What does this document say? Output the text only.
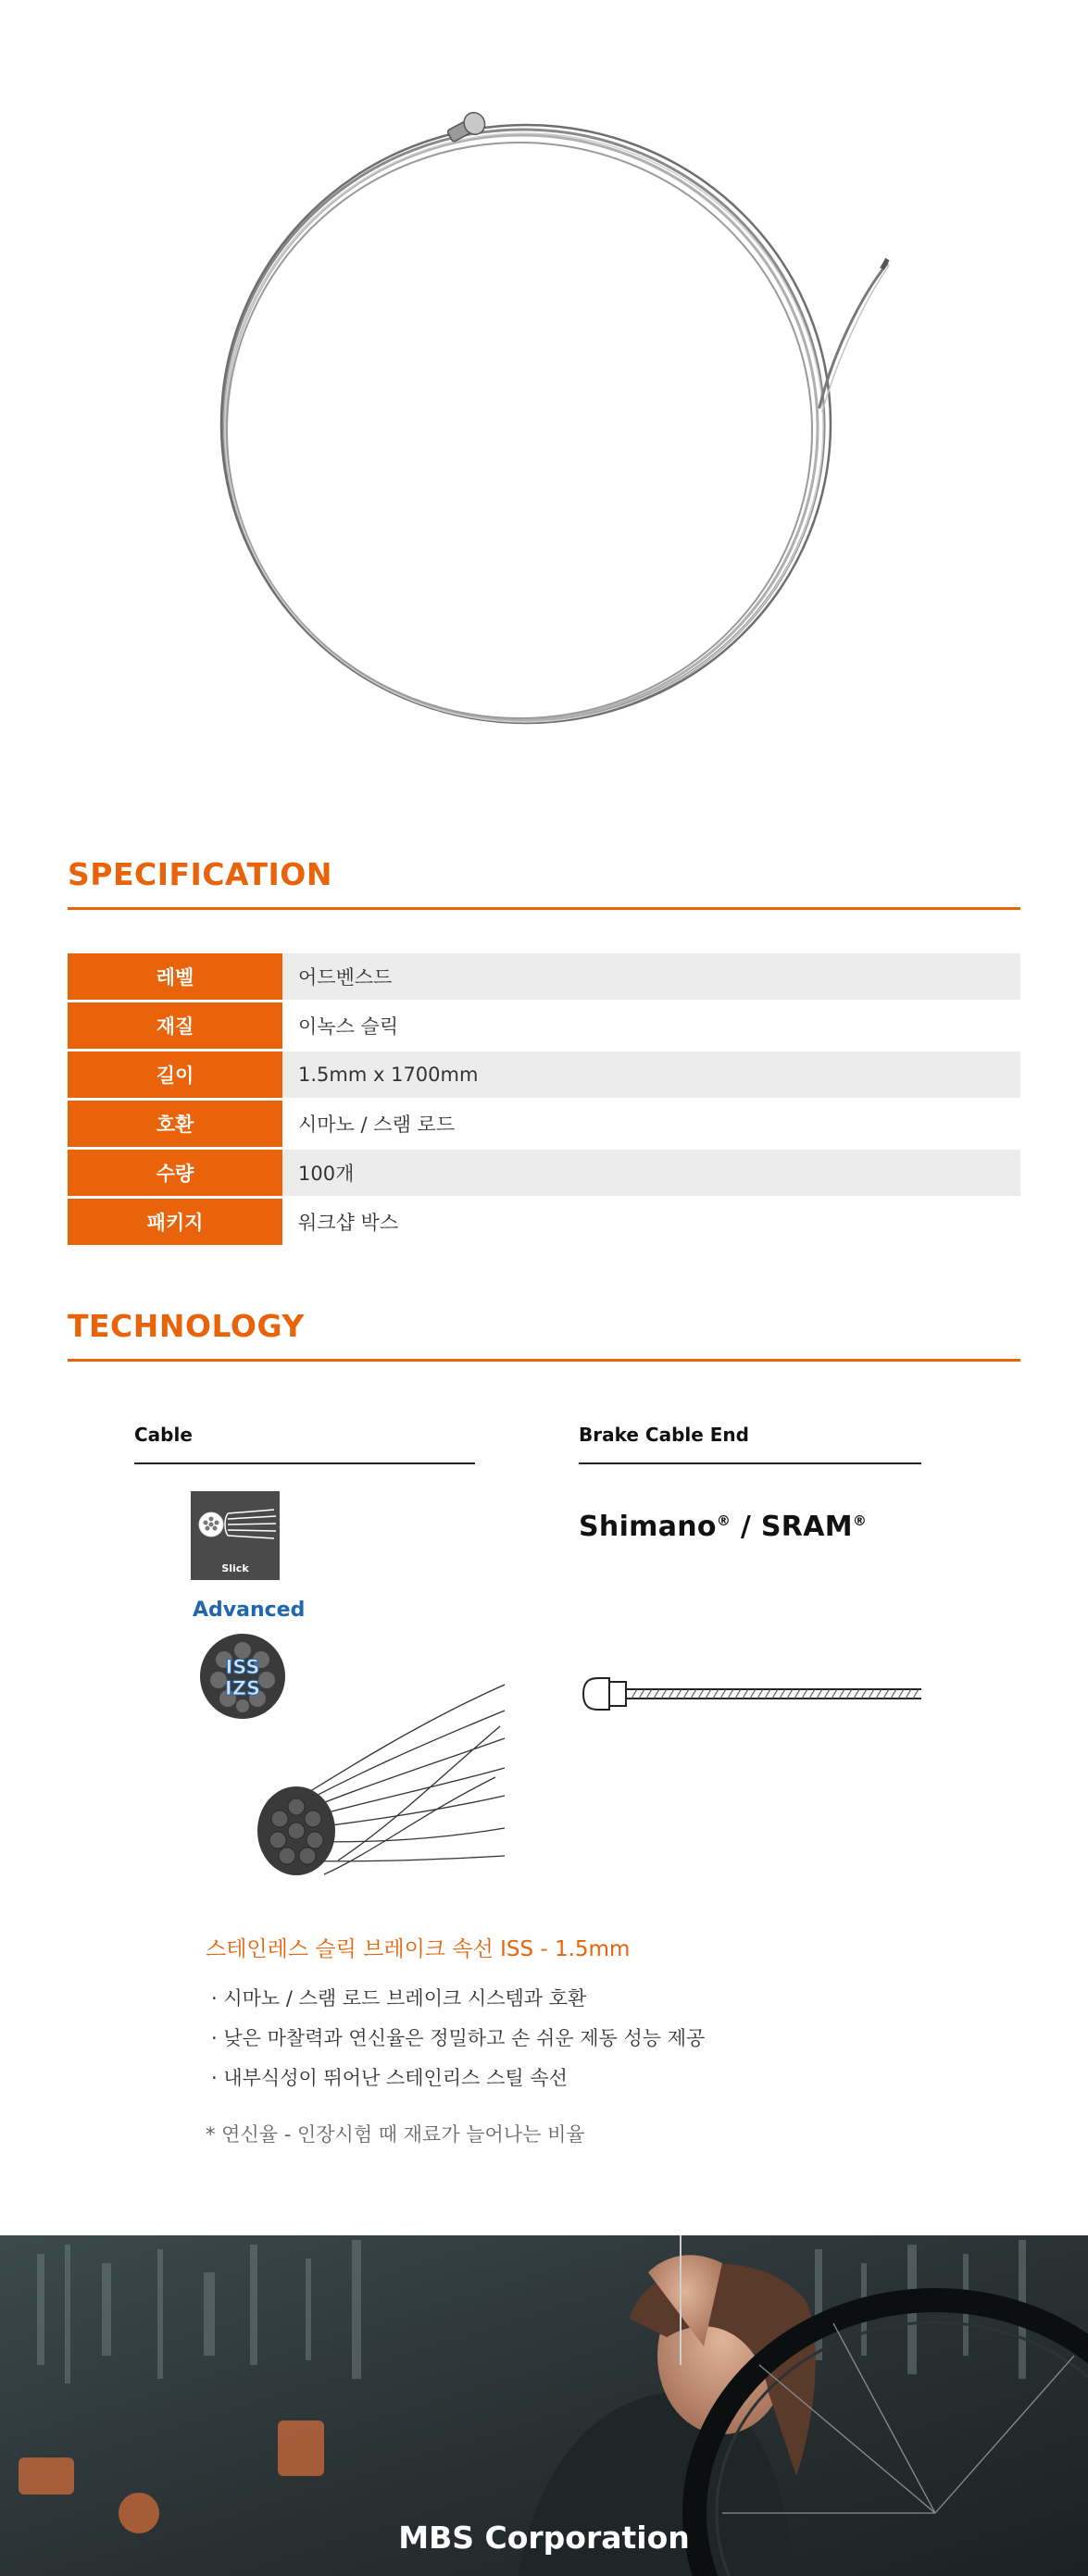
SPECIFICATION
레벨	어드벤스드
재질	이녹스 슬릭
길이	1.5mm x 1700mm
호환	시마노 / 스램 로드
수량	100개
패키지	워크샵 박스
TECHNOLOGY
Cable	Brake Cable End
Slick
Advanced
ISS
IZS
Shimano® / SRAM®
스테인레스 슬릭 브레이크 속선 ISS - 1.5mm
· 시마노 / 스램 로드 브레이크 시스템과 호환
· 낮은 마찰력과 연신율은 정밀하고 손 쉬운 제동 성능 제공
· 내부식성이 뛰어난 스테인리스 스틸 속선
* 연신율 - 인장시험 때 재료가 늘어나는 비율
MBS Corporation
